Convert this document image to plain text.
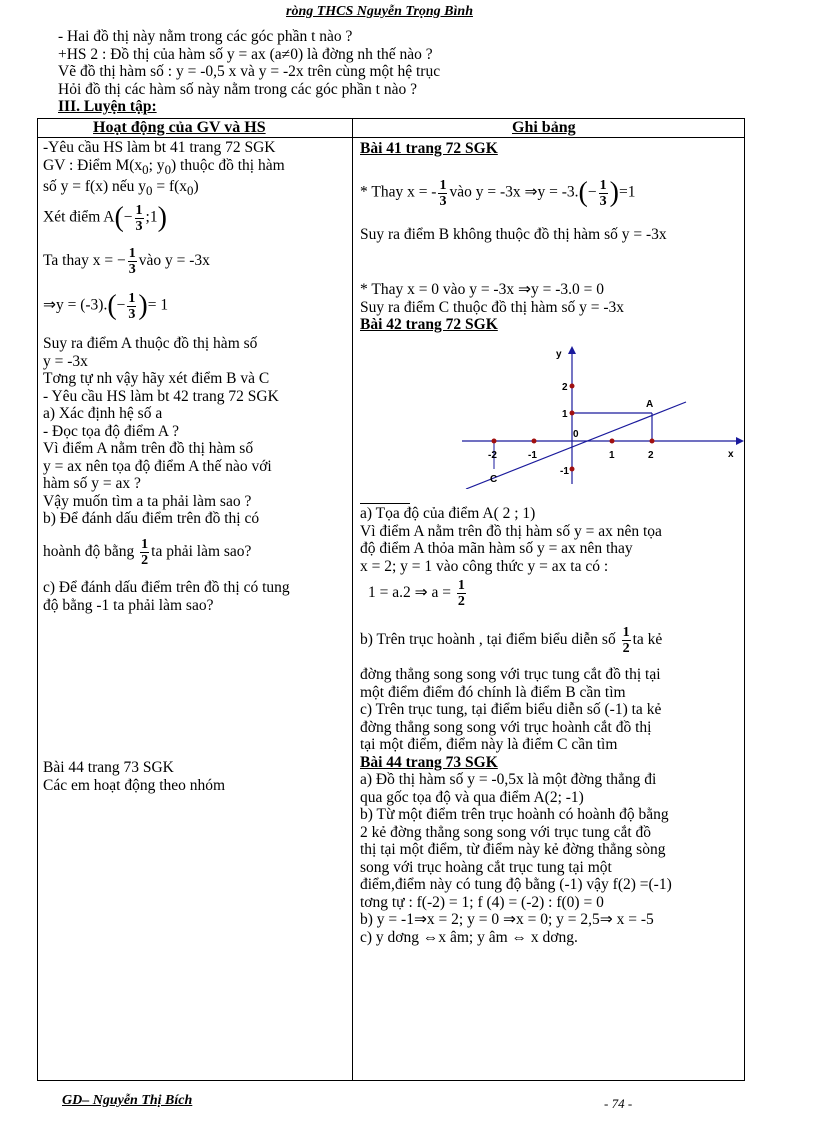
ròng THCS Nguyễn Trọng Bình
- Hai đồ thị này nằm trong các góc phần t nào ?
+HS 2 : Đồ thị của hàm số y = ax (a≠0) là đờng nh thế nào ?
Vẽ đồ thị hàm số : y = -0,5 x và y = -2x trên cùng một hệ trục
Hỏi đồ thị các hàm số này nằm trong các góc phần t nào ?
III. Luyện tập:
Hoạt động của GV và HS	Ghi bảng
-Yêu cầu HS làm bt 41 trang 72 SGK
GV : Điểm $M(x_0$; $y_0$) thuộc đồ thị hàm
số y = f(x) nếu $y_0 = f(x_0)$
Xét điểm $A(- \frac{1}{3}$ ;1)
Ta thay x = − $\frac{1}{3}$ vào y = -3x
⇒y = $(-3).(- \frac{1}{3}$ )= 1
Suy ra điểm A thuộc đồ thị hàm số
y = -3x
Tơng tự nh vậy hãy xét điểm B và C
- Yêu cầu HS làm bt 42 trang 72 SGK
a) Xác định hệ số a
- Đọc tọa độ điểm A ?
Vì điểm A nằm trên đồ thị hàm số
y = ax nên tọa độ điểm A thế nào với
hàm số y = ax ?
Vậy muốn tìm a ta phải làm sao ?
b) Để đánh dấu điểm trên đồ thị có
hoành độ bằng $\frac{1}{2}$ ta phải làm sao?
c) Để đánh dấu điểm trên đồ thị có tung
độ bằng -1 ta phải làm sao?
Bài 44 trang 73 SGK
Các em hoạt động theo nhóm
Bài 41 trang 72 SGK
* Thay x = - $\frac{1}{3}$ vào y = -3x ⇒y = $-3.(- \frac{1}{3} )=1$
Suy ra điểm B không thuộc đồ thị hàm số y = -3x
* Thay x = 0 vào y = -3x ⇒y = -3.0 = 0
Suy ra điểm C thuộc đồ thị hàm số y = -3x
Bài 42 trang 72 SGK
y
x
-2	-1
0
1	2
2
1
-1
A
C
a) Tọa độ của điểm A( 2 ; 1)
Vì điểm A nằm trên đồ thị hàm số y = ax nên tọa
độ điểm A thỏa mãn hàm số y = ax nên thay
x = 2; y = 1 vào công thức y = ax ta có :
1 = a.2 ⇒ $a = \frac{1}{2}$
b) Trên trục hoành , tại điểm biểu diễn số $\frac{1}{2}$ ta kẻ
đờng thẳng song song với trục tung cắt đồ thị tại
một điểm điểm đó chính là điểm B cần tìm
c) Trên trục tung, tại điểm biểu diễn số (-1) ta kẻ
đờng thẳng song song với trục hoành cắt đồ thị
tại một điểm, điểm này là điểm C cần tìm
Bài 44 trang 73 SGK
a) Đồ thị hàm số y = -0,5x là một đờng thẳng đi
qua gốc tọa độ và qua điểm A(2; -1)
b) Từ một điểm trên trục hoành có hoành độ bằng
2 kẻ đờng thẳng song song với trục tung cắt đồ
thị tại một điểm, từ điểm này kẻ đờng thẳng sòng
song với trục hoàng cắt trục tung tại một
điểm,điểm này có tung độ bằng (-1) vậy f(2) =(-1)
tơng tự : f(-2) = 1; f (4) = (-2) : f(0) = 0
b) y = -1⇒x = 2; y = 0 ⇒x = 0; y = 2,5⇒ x = -5
c) y dơng ⇔x âm; y âm ⇔ x dơng.
GD– Nguyễn Thị Bích	- 74 -
